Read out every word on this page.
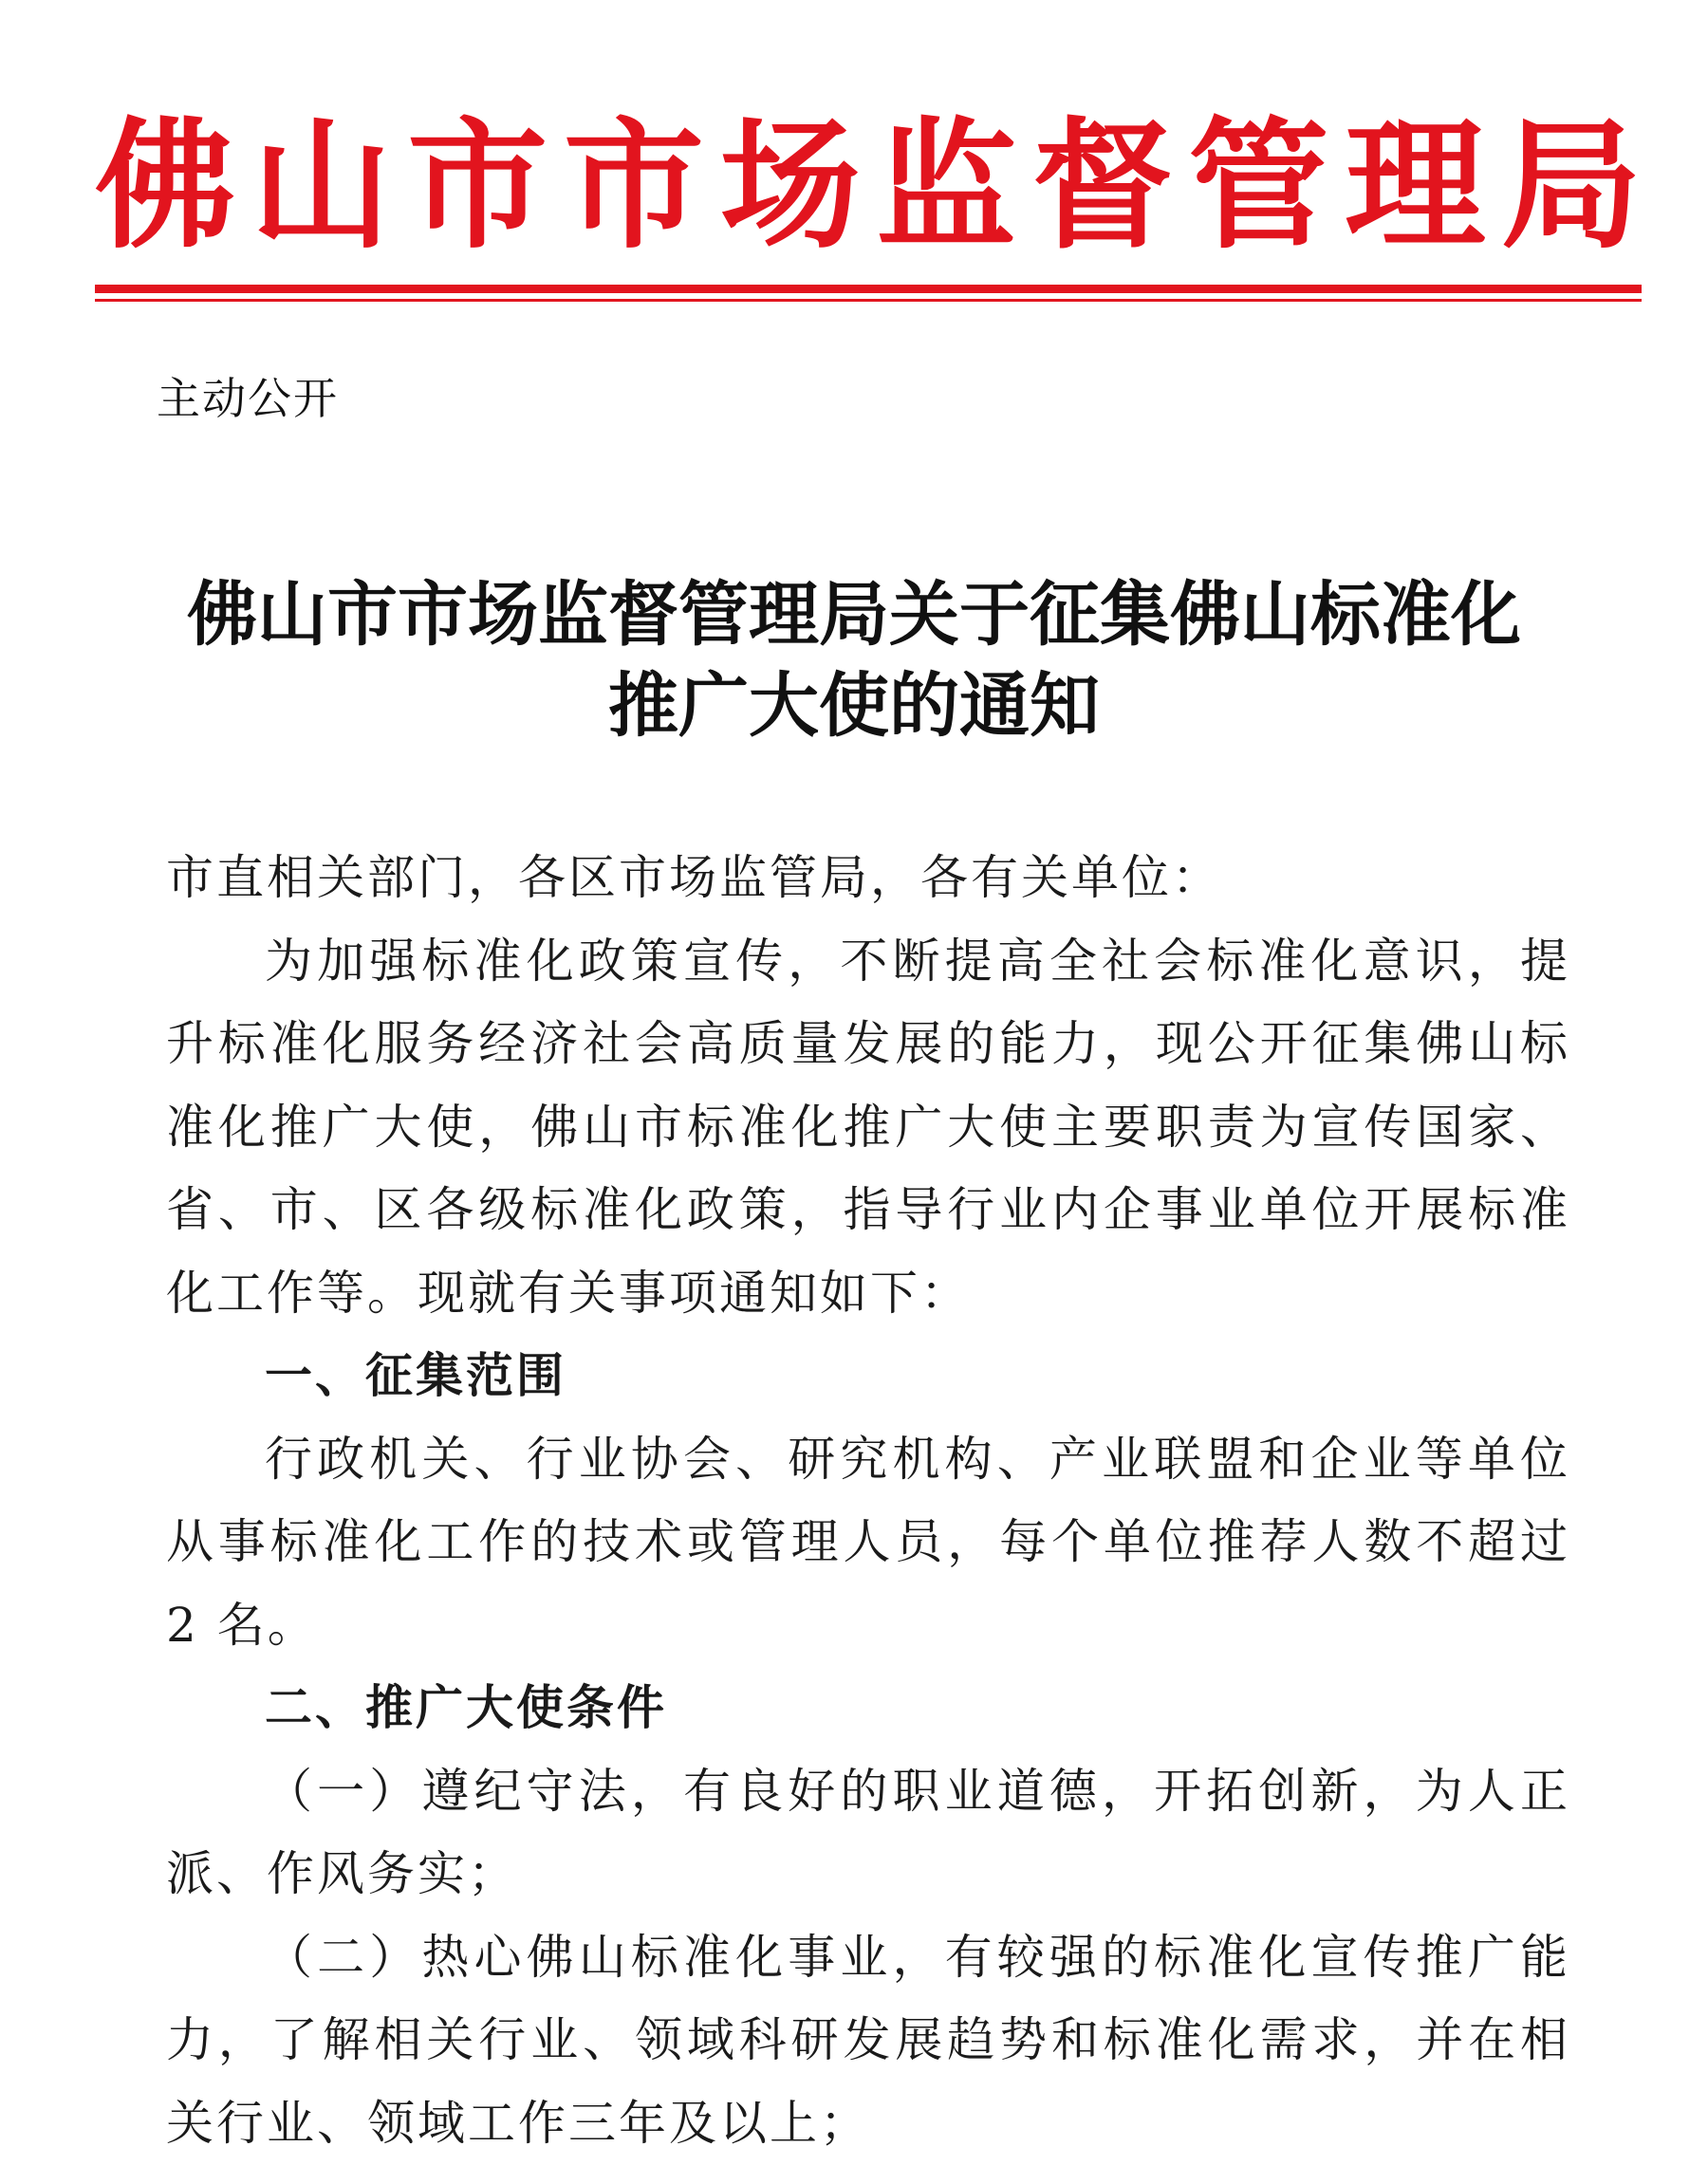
佛 山 市 市 场 监 督 管 理 局
主动公开
佛山市市场监督管理局关于征集佛山标准化
推广大使的通知

市直相关部门，各区市场监管局，各有关单位：

为加强标准化政策宣传，不断提高全社会标准化意识，提升标准化服务经济社会高质量发展的能力，现公开征集佛山标准化推广大使，佛山市标准化推广大使主要职责为宣传国家、省、市、区各级标准化政策，指导行业内企事业单位开展标准化工作等。现就有关事项通知如下：

一、征集范围

行政机关、行业协会、研究机构、产业联盟和企业等单位从事标准化工作的技术或管理人员，每个单位推荐人数不超过 2 名。

二、推广大使条件

（一）遵纪守法，有良好的职业道德，开拓创新，为人正派、作风务实；

（二）热心佛山标准化事业，有较强的标准化宣传推广能力，了解相关行业、领域科研发展趋势和标准化需求，并在相关行业、领域工作三年及以上；
